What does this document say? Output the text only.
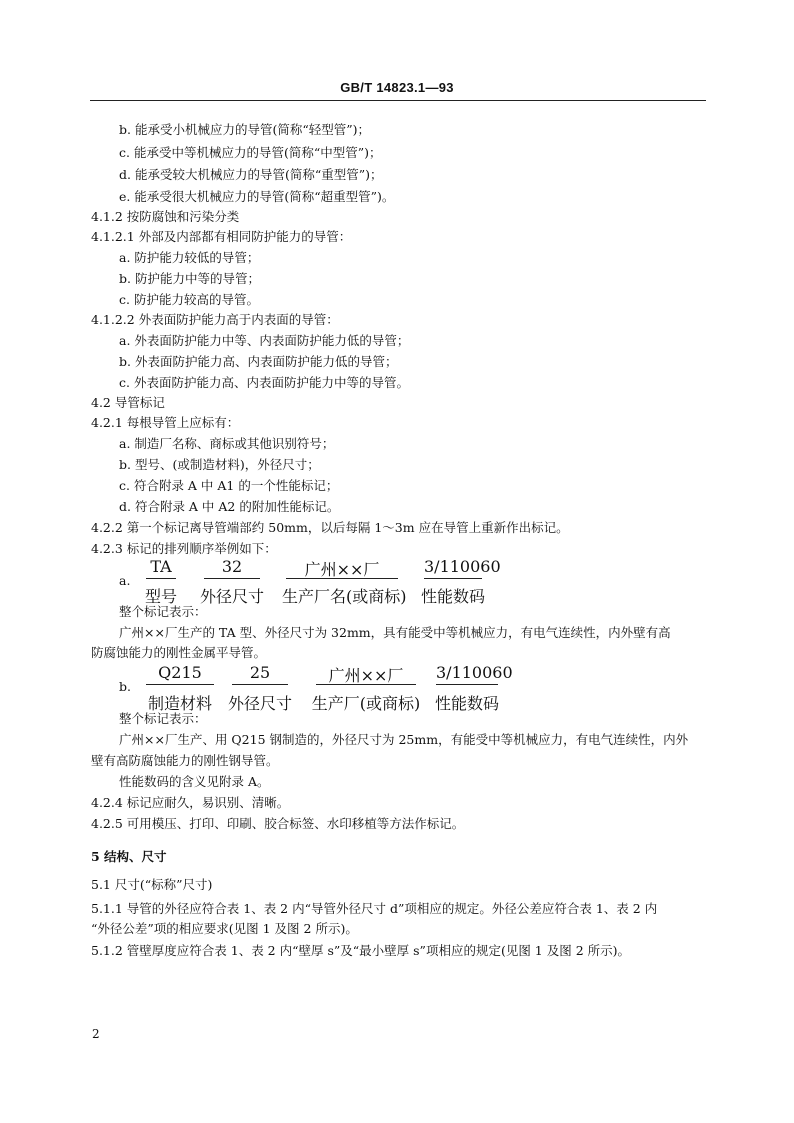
GB/T 14823.1—93
b. 能承受小机械应力的导管(简称“轻型管”)；
c. 能承受中等机械应力的导管(简称“中型管”)；
d. 能承受较大机械应力的导管(简称“重型管”)；
e. 能承受很大机械应力的导管(简称“超重型管”)。
4.1.2 按防腐蚀和污染分类
4.1.2.1 外部及内部都有相同防护能力的导管：
a. 防护能力较低的导管；
b. 防护能力中等的导管；
c. 防护能力较高的导管。
4.1.2.2 外表面防护能力高于内表面的导管：
a. 外表面防护能力中等、内表面防护能力低的导管；
b. 外表面防护能力高、内表面防护能力低的导管；
c. 外表面防护能力高、内表面防护能力中等的导管。
4.2 导管标记
4.2.1 每根导管上应标有：
a. 制造厂名称、商标或其他识别符号；
b. 型号、(或制造材料)，外径尺寸；
c. 符合附录 A 中 A1 的一个性能标记；
d. 符合附录 A 中 A2 的附加性能标记。
4.2.2 第一个标记离导管端部约 50mm，以后每隔 1～3m 应在导管上重新作出标记。
4.2.3 标记的排列顺序举例如下：
整个标记表示：
广州××厂生产的 TA 型、外径尺寸为 32mm，具有能受中等机械应力，有电气连续性，内外壁有高
防腐蚀能力的刚性金属平导管。
整个标记表示：
广州××厂生产、用 Q215 钢制造的，外径尺寸为 25mm，有能受中等机械应力，有电气连续性，内外
壁有高防腐蚀能力的刚性钢导管。
性能数码的含义见附录 A。
4.2.4 标记应耐久，易识别、清晰。
4.2.5 可用模压、打印、印刷、胶合标签、水印移植等方法作标记。
5 结构、尺寸
5.1 尺寸(“标称”尺寸)
5.1.1 导管的外径应符合表 1、表 2 内“导管外径尺寸 d”项相应的规定。外径公差应符合表 1、表 2 内
“外径公差”项的相应要求(见图 1 及图 2 所示)。
5.1.2 管壁厚度应符合表 1、表 2 内“壁厚 s”及“最小壁厚 s”项相应的规定(见图 1 及图 2 所示)。
a.
TA	32	广州××厂	3/110060
型号 外径尺寸 生产厂名(或商标) 性能数码
b.
Q215	25	广州××厂	3/110060
制造材料 外径尺寸 生产厂(或商标) 性能数码
2
